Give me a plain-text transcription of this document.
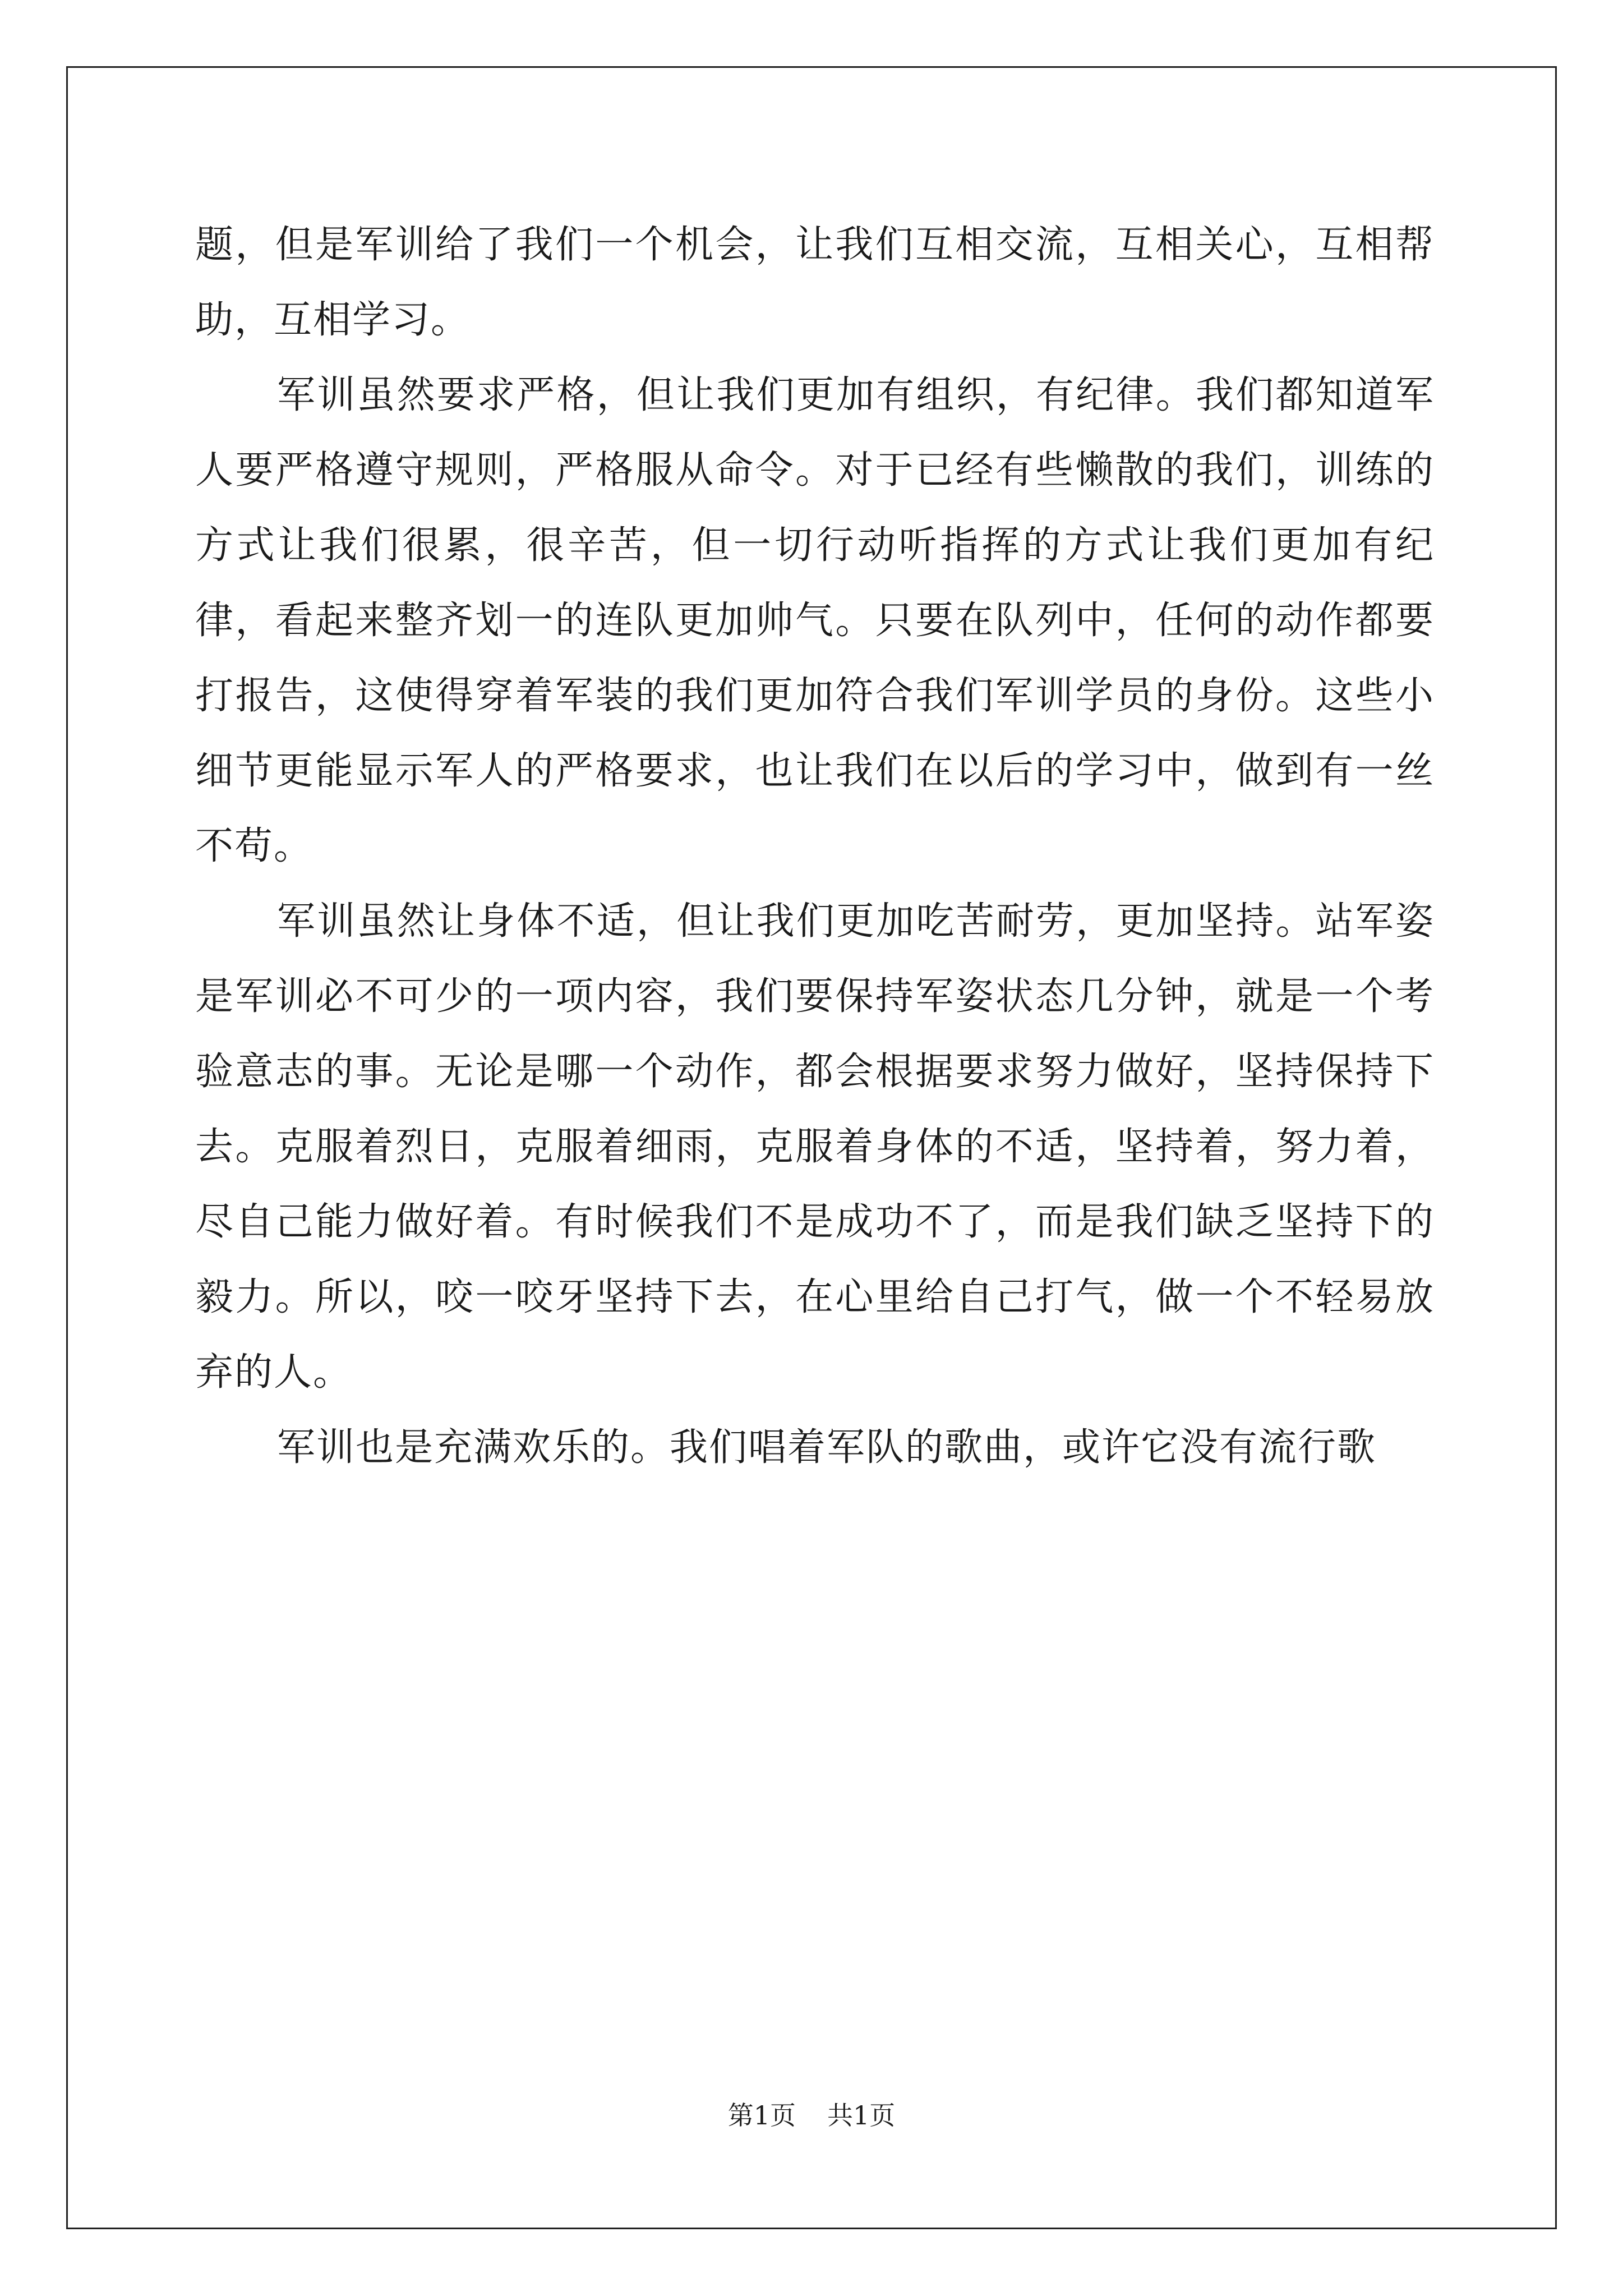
题，但是军训给了我们一个机会，让我们互相交流，互相关心，互相帮助，互相学习。

军训虽然要求严格，但让我们更加有组织，有纪律。我们都知道军人要严格遵守规则，严格服从命令。对于已经有些懒散的我们，训练的方式让我们很累，很辛苦，但一切行动听指挥的方式让我们更加有纪律，看起来整齐划一的连队更加帅气。只要在队列中，任何的动作都要打报告，这使得穿着军装的我们更加符合我们军训学员的身份。这些小细节更能显示军人的严格要求，也让我们在以后的学习中，做到有一丝不苟。

军训虽然让身体不适，但让我们更加吃苦耐劳，更加坚持。站军姿是军训必不可少的一项内容，我们要保持军姿状态几分钟，就是一个考验意志的事。无论是哪一个动作，都会根据要求努力做好，坚持保持下去。克服着烈日，克服着细雨，克服着身体的不适，坚持着，努力着，尽自己能力做好着。有时候我们不是成功不了，而是我们缺乏坚持下的毅力。所以，咬一咬牙坚持下去，在心里给自己打气，做一个不轻易放弃的人。

军训也是充满欢乐的。我们唱着军队的歌曲，或许它没有流行歌

第1页 共1页
